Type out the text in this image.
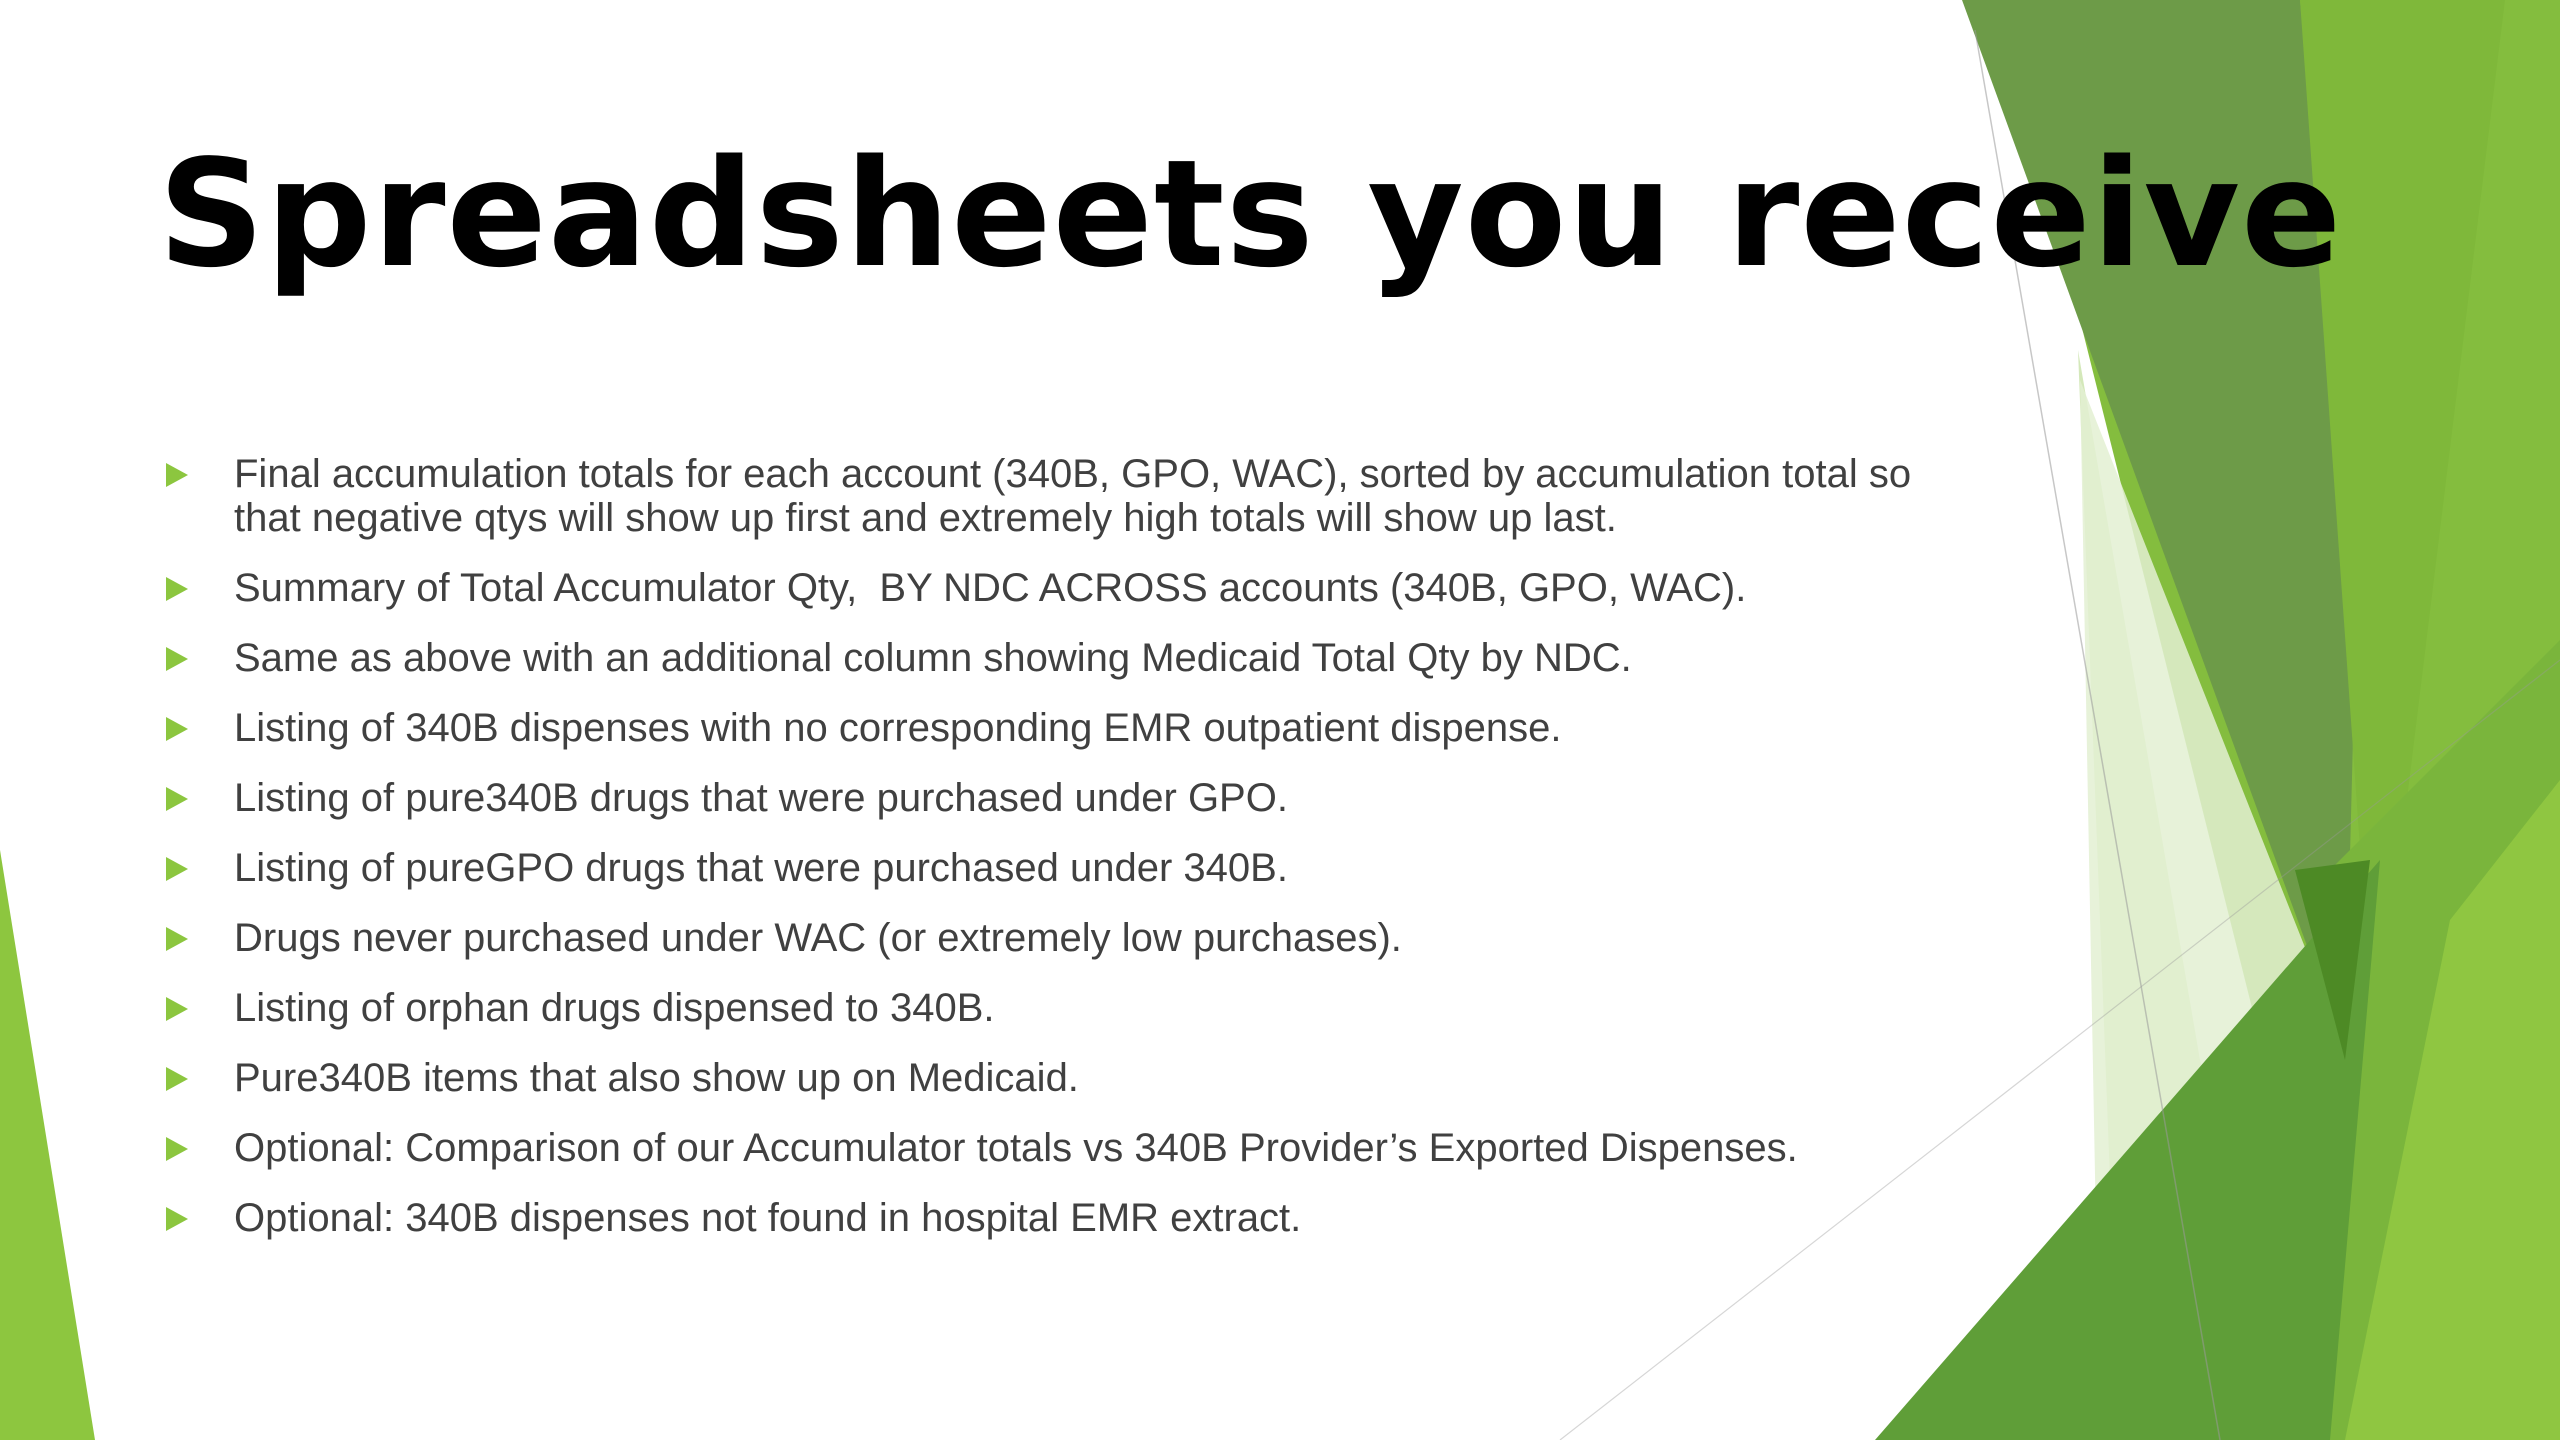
Spreadsheets you receive
Final accumulation totals for each account (340B, GPO, WAC), sorted by accumulation total so that negative qtys will show up first and extremely high totals will show up last.
Summary of Total Accumulator Qty,  BY NDC ACROSS accounts (340B, GPO, WAC).
Same as above with an additional column showing Medicaid Total Qty by NDC.
Listing of 340B dispenses with no corresponding EMR outpatient dispense.
Listing of pure340B drugs that were purchased under GPO.
Listing of pureGPO drugs that were purchased under 340B.
Drugs never purchased under WAC (or extremely low purchases).
Listing of orphan drugs dispensed to 340B.
Pure340B items that also show up on Medicaid.
Optional: Comparison of our Accumulator totals vs 340B Provider’s Exported Dispenses.
Optional: 340B dispenses not found in hospital EMR extract.
